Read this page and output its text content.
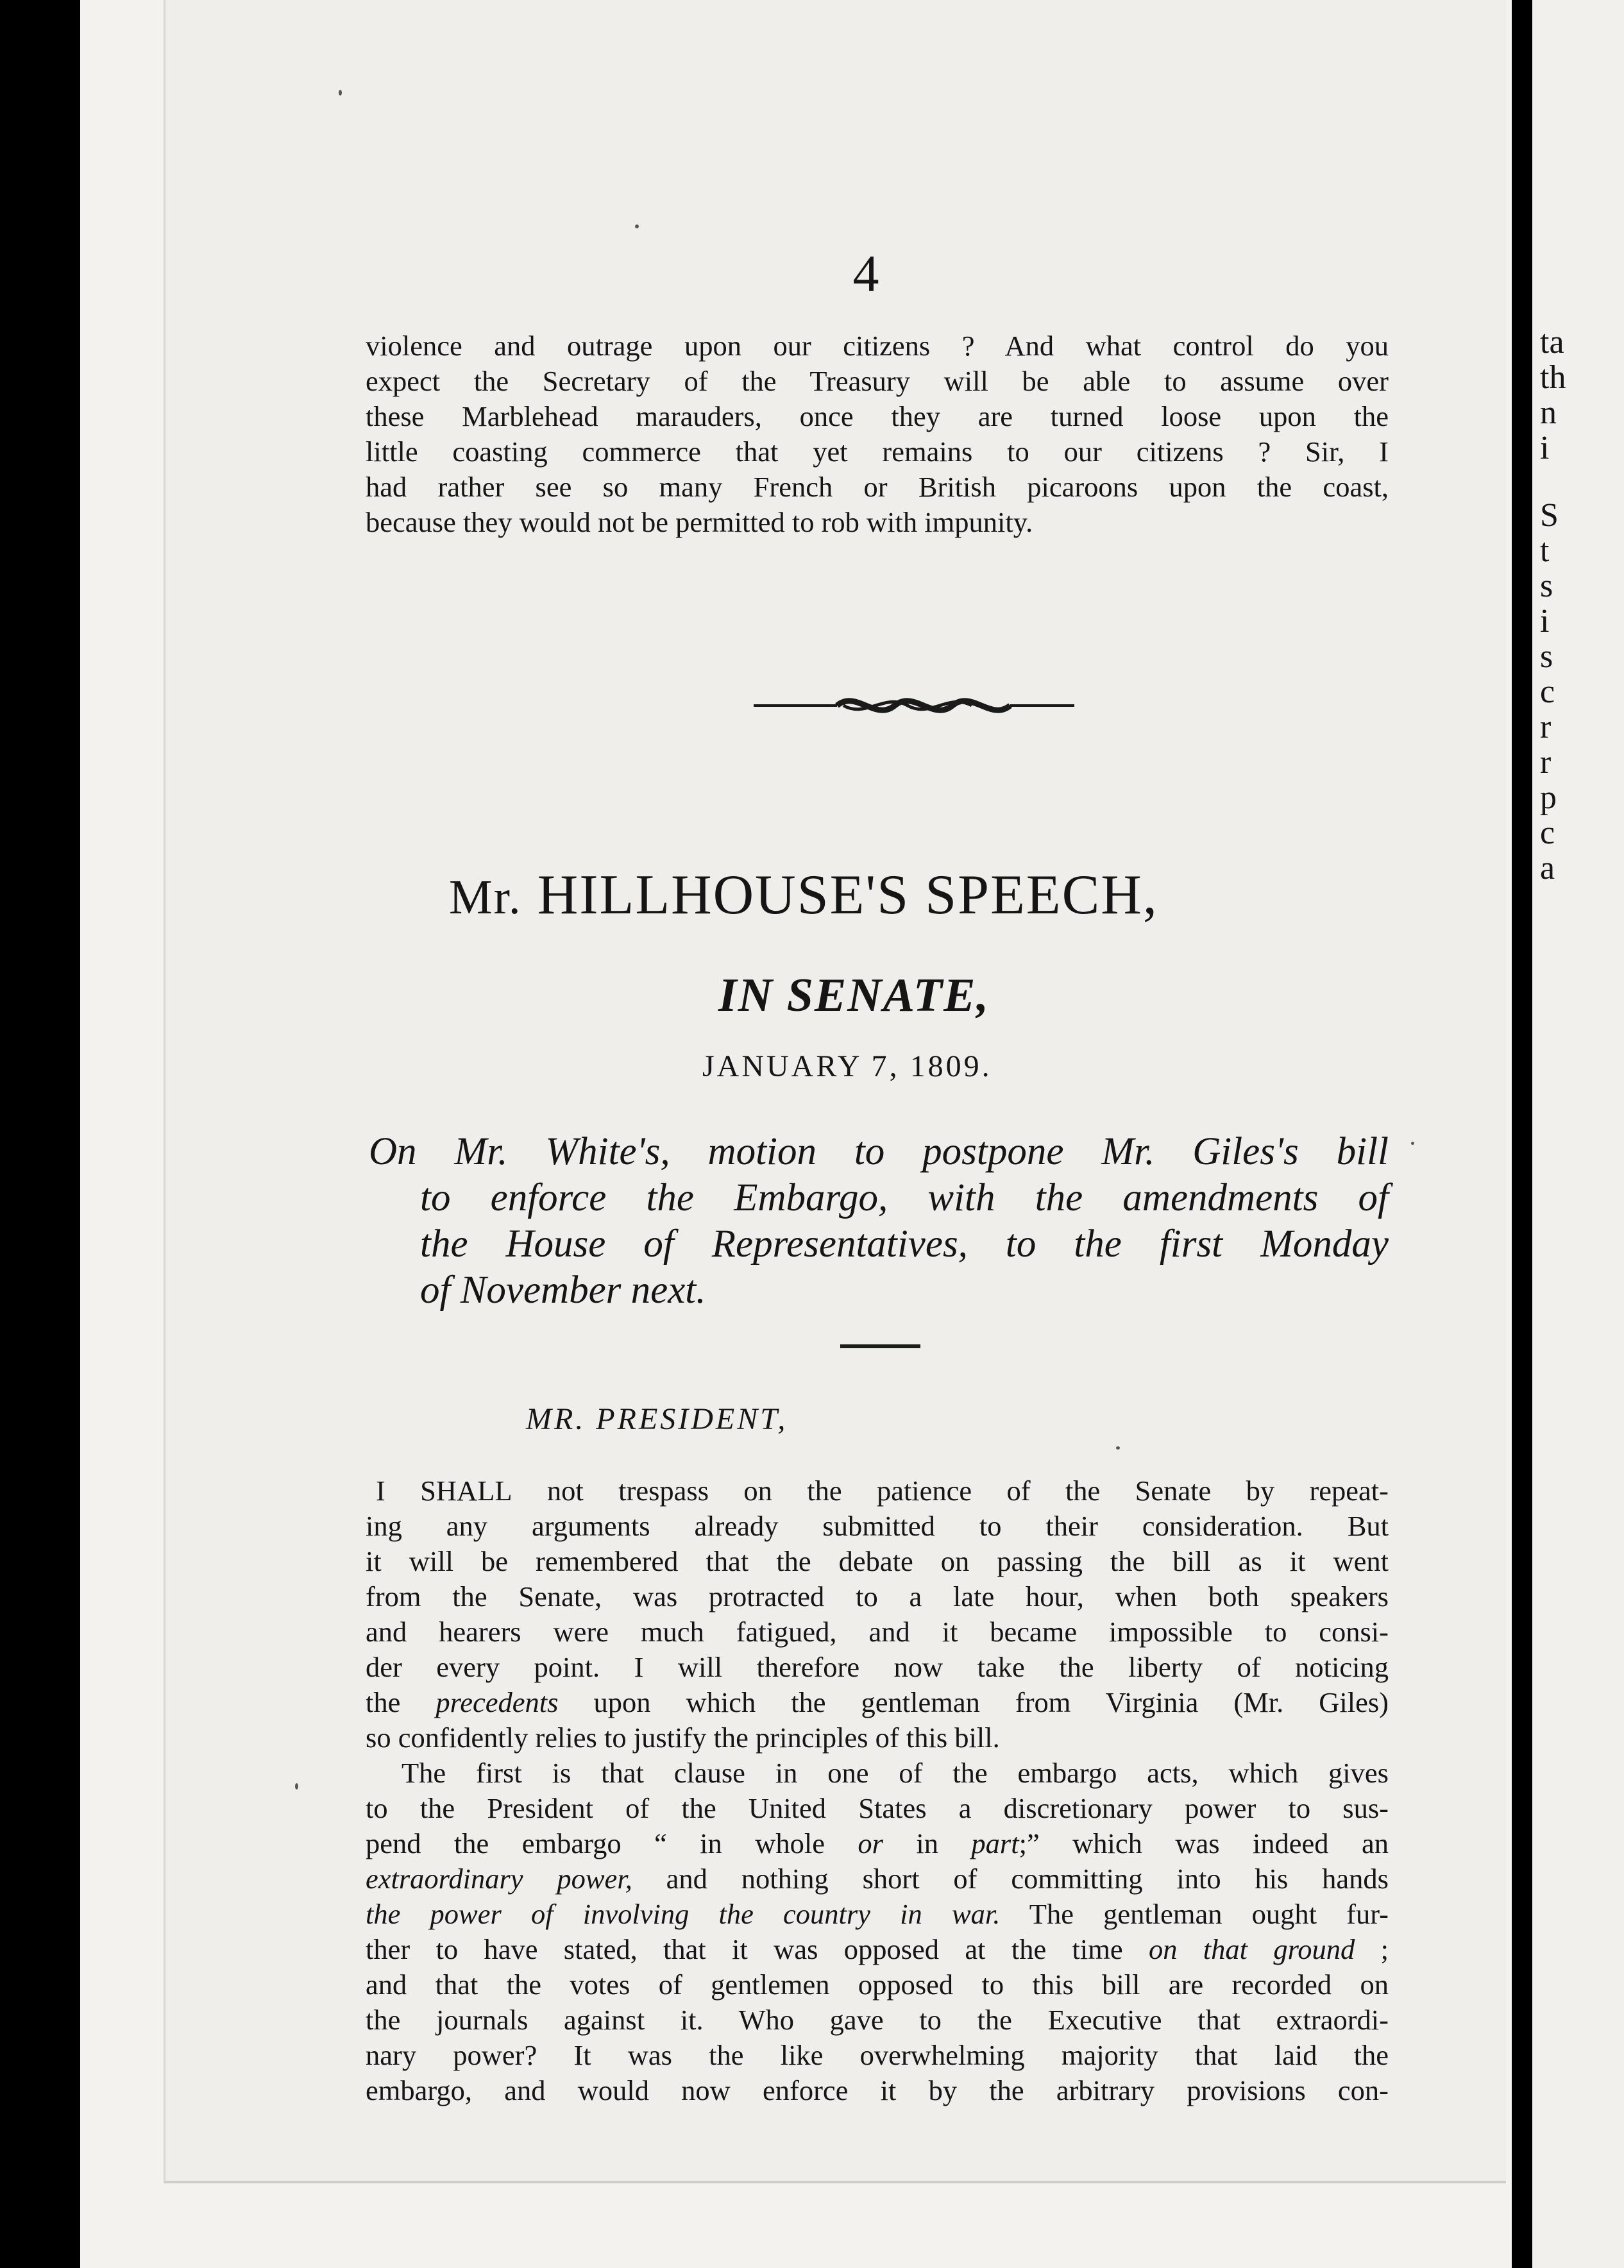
ta
th
n
i
S
t
s
i
s
c
r
r
p
c
a
4
violence and outrage upon our citizens ? And what control do you
expect the Secretary of the Treasury will be able to assume over
these Marblehead marauders, once they are turned loose upon the
little coasting commerce that yet remains to our citizens ? Sir, I
had rather see so many French or British picaroons upon the coast,
because they would not be permitted to rob with impunity.
Mr. HILLHOUSE'S SPEECH,
IN SENATE,
JANUARY 7, 1809.
On Mr. White's, motion to postpone Mr. Giles's bill
to enforce the Embargo, with the amendments of
the House of Representatives, to the first Monday
of November next.
MR. PRESIDENT,
I SHALL not trespass on the patience of the Senate by repeat-
ing any arguments already submitted to their consideration. But
it will be remembered that the debate on passing the bill as it went
from the Senate, was protracted to a late hour, when both speakers
and hearers were much fatigued, and it became impossible to consi-
der every point. I will therefore now take the liberty of noticing
the precedents upon which the gentleman from Virginia (Mr. Giles)
so confidently relies to justify the principles of this bill.
The first is that clause in one of the embargo acts, which gives
to the President of the United States a discretionary power to sus-
pend the embargo “ in whole or in part;” which was indeed an
extraordinary power, and nothing short of committing into his hands
the power of involving the country in war. The gentleman ought fur-
ther to have stated, that it was opposed at the time on that ground ;
and that the votes of gentlemen opposed to this bill are recorded on
the journals against it. Who gave to the Executive that extraordi-
nary power? It was the like overwhelming majority that laid the
embargo, and would now enforce it by the arbitrary provisions con-
